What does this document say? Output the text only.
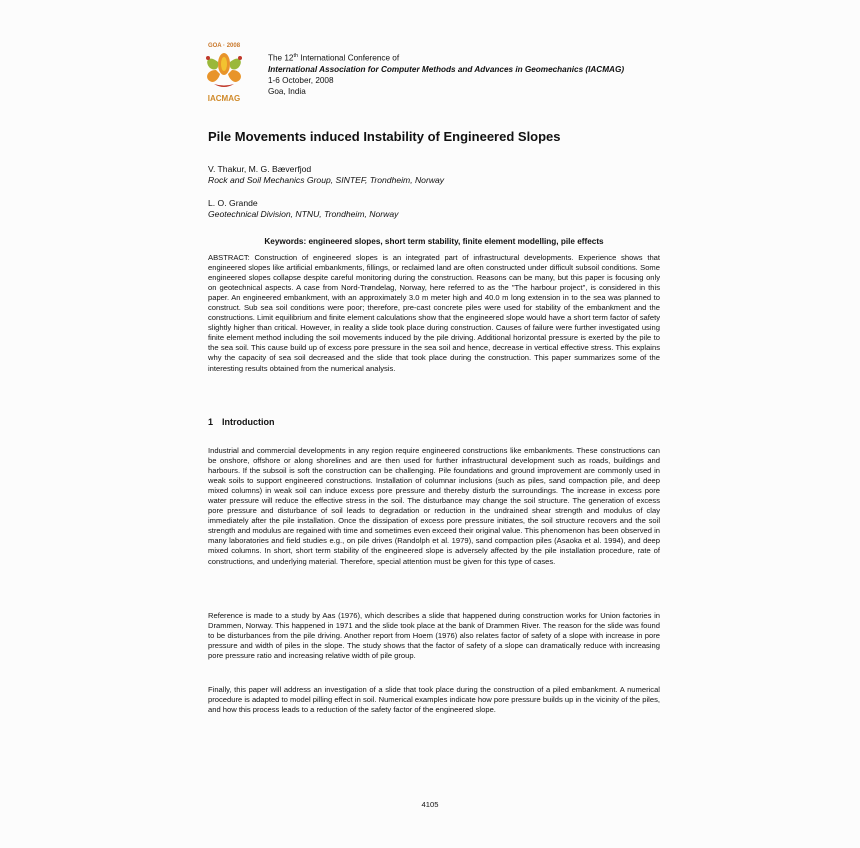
GOA · 2008
IACMAG
The 12th International Conference of
International Association for Computer Methods and Advances in Geomechanics (IACMAG)
1-6 October, 2008
Goa, India
Pile Movements induced Instability of Engineered Slopes
V. Thakur, M. G. Bæverfjod
Rock and Soil Mechanics Group, SINTEF, Trondheim, Norway
L. O. Grande
Geotechnical Division, NTNU, Trondheim, Norway
Keywords: engineered slopes, short term stability, finite element modelling, pile effects

ABSTRACT: Construction of engineered slopes is an integrated part of infrastructural developments. Experience shows that engineered slopes like artificial embankments, fillings, or reclaimed land are often constructed under difficult subsoil conditions. Some engineered slopes collapse despite careful monitoring during the construction. Reasons can be many, but this paper is focusing only on geotechnical aspects. A case from Nord-Trøndelag, Norway, here referred to as the "The harbour project", is considered in this paper. An engineered embankment, with an approximately 3.0 m meter high and 40.0 m long extension in to the sea was planned to construct. Sub sea soil conditions were poor; therefore, pre-cast concrete piles were used for stability of the embankment and the constructions. Limit equilibrium and finite element calculations show that the engineered slope would have a short term factor of safety slightly higher than critical. However, in reality a slide took place during construction. Causes of failure were further investigated using finite element method including the soil movements induced by the pile driving. Additional horizontal pressure is exerted by the pile to the sea soil. This cause build up of excess pore pressure in the sea soil and hence, decrease in vertical effective stress. This explains why the capacity of sea soil decreased and the slide that took place during the construction. This paper summarizes some of the interesting results obtained from the numerical analysis.

1 Introduction

Industrial and commercial developments in any region require engineered constructions like embankments. These constructions can be onshore, offshore or along shorelines and are then used for further infrastructural development such as roads, buildings and harbours. If the subsoil is soft the construction can be challenging. Pile foundations and ground improvement are commonly used in weak soils to support engineered constructions. Installation of columnar inclusions (such as piles, sand compaction pile, and deep mixed columns) in weak soil can induce excess pore pressure and thereby disturb the surroundings. The increase in excess pore water pressure will reduce the effective stress in the soil. The disturbance may change the soil structure. The generation of excess pore pressure and disturbance of soil leads to degradation or reduction in the undrained shear strength and modulus of clay immediately after the pile installation. Once the dissipation of excess pore pressure initiates, the soil structure recovers and the soil strength and modulus are regained with time and sometimes even exceed their original value. This phenomenon has been observed in many laboratories and field studies e.g., on pile drives (Randolph et al. 1979), sand compaction piles (Asaoka et al. 1994), and deep mixed columns. In short, short term stability of the engineered slope is adversely affected by the pile installation procedure, rate of constructions, and underlying material. Therefore, special attention must be given for this type of cases.

Reference is made to a study by Aas (1976), which describes a slide that happened during construction works for Union factories in Drammen, Norway. This happened in 1971 and the slide took place at the bank of Drammen River. The reason for the slide was found to be disturbances from the pile driving. Another report from Hoem (1976) also relates factor of safety of a slope with increase in pore pressure and width of piles in the slope. The study shows that the factor of safety of a slope can dramatically reduce with increasing pore pressure ratio and increasing relative width of pile group.

Finally, this paper will address an investigation of a slide that took place during the construction of a piled embankment. A numerical procedure is adapted to model pilling effect in soil. Numerical examples indicate how pore pressure builds up in the vicinity of the piles, and how this process leads to a reduction of the safety factor of the engineered slope.

4105
